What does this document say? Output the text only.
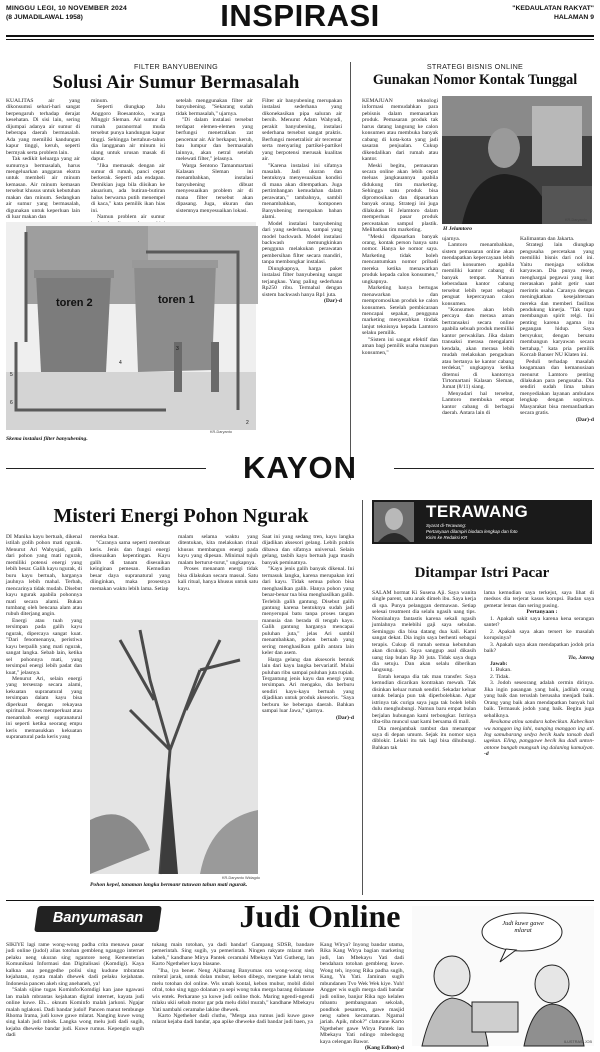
MINGGU LEGI, 10 NOVEMBER 2024
(8 JUMADILAWAL 1958)	INSPIRASI	"KEDAULATAN RAKYAT"
HALAMAN 9
FILTER BANYUBENING
Solusi Air Sumur Bermasalah

KUALITAS air yang dikonsumsi sehari-hari sangat berpengaruh terhadap derajat kesehatan. Di sisi lain, sering dijumpai adanya air sumur di beberapa daerah bermasalah. Ada yang memiliki kandungan kapur tinggi, keruh, seperti bermyak serta problem lain.

Tak sedikit keluarga yang air sumurnya bermasalah, harus mengeluarkan anggaran ekstra untuk membeli air minum kemasan. Air minum kemasan tersebut khusus untuk kebutuhan makan dan minum. Sedangkan air sumur yang bermasalah, digunakan untuk keperluan lain di luar makan dan

minum.

Seperti diungkap Jalu Anggoro Boesantoko, warga Minggir Sleman. Air sumur di rumah paranormal muda tersebut punya kandungan kapur tinggi. Sehingga bertahun-tahun dia langganan air minum isi ulang untuk urusan masak di dapur.

"Jika memasak dengan air sumur di rumah, panci cepat berkerak. Seperti ada endapan. Demikian juga bila diisikan ke akuarium, ada butiran-butiran halus berwarna putih menempel di kaca," kata pemilik ikan hias ini.

Namun problem air sumur

setelah menggunakan filter air banyubening. "Sekarang sudah tidak bermasalah," ujarnya.

"Di dalam instalasi tersebut terdapat elemen-elemen yang berfungsi menetralkan zat pencemar air. Air berkapur, keruh, bau lumpur dan bermasalah lainnya, akan netral setelah melewati filter," jelasnya.

Warga Sentono Tamanmartani Kalasan Sleman ini menambahkan, instalasi banyubening dibuat menyesuaikan problem air di mana filter tersebut akan dipasang. Juga, ukuran dan sistemnya menyesuaikan lokasi.

Filter air banyubening merupakan instalasi sederhana yang dikonekasikan pipa saluran air bersih. Menurut Adam Wahyudi, perakit banyubening, instalasi sederhana tersebut sangat praktis. Berfungsi menetralisir air tercemar serta menyaring partikel-partikel yang berpotensi merusak kualitas air.

"Karena instalasi ini sifatnya masalah. Jadi ukuran dan bentuknya menyesuaikan kondisi di mana akan ditempatkan. Juga pertimbangan kemudahan dalam perawatan," tambahnya, sambil menambahkan, komponen Banyubening merupakan bahan alami.

Model instalasi banyubening dari yang sederhana, sampai yang model backwash. Model instalasi backwash memungkinkan pengguna melakukan perawatan pembersihan filter secara mandiri, tanpa membongkar instalasi.

Diungkapnya, harga paket instalasi filter banyubening sangat terjangkau. Yang paling sederhana Rp250 ribu. Termahal dengan sistem backwash hanya Rp1 juta.

(Dar)-d

toren 2	toren 1
4
3
5
6
2
KR-Daryanto
Skema instalasi filter banyubening.
STRATEGI BISNIS ONLINE
Gunakan Nomor Kontak Tunggal

KEMAJUAN teknologi informasi memudahkan para pebisnis dalam memasarkan produk. Pemasaran produk tak harus datang langsung ke calon konsumen atau membuka banyak cabang di kota-kota yang jadi sasaran penjualan. Cukup dikendalikan dari rumah atau kantor.

Meski begitu, pemasaran secara online akan lebih cepat meluas jangkauannya apabila didukung tim marketing. Sehingga satu produk bisa dipromosikan dan dipasarkan banyak orang. Strategi ini juga dilakukan H Jelamtoro dalam memperluas pasar produk perceatakan sampul plastik. Melibatkan tim marketing.

"Meski dipasarkan banyak orang, kontak person hanya satu nomor. Hanya ke nomor saya. Marketing tidak boleh mencantumkan nomor pribadi mereka ketika menawarkan produk kepada calon konsumen," ungkapnya.

Marketing hanya bertugas menawarkan dan mempromosikan produk ke calon konsumen. Setelah pembicaraan mencapai sepakat, pengguna marketing menyerahkan tindak lanjut teknisnya kepada Lamtoro selaku pemilik.

"Sistem ini sangat efektif dan aman bagi pemilik usaha maupun konsumen,"

KR-Daryanto
H Jelamtoro

ujarnya.

Lamtoro menambahkan, sistem pemasaran online akan mendapatkan kepercayaan lebih dari konsumen apabila memiliki kantor cabang di banyak tempat. Namun keberadaan kantor cabang tersebut lebih tepat sebagai penguat kepercayaan calon konsumen.

"Konsumen akan lebih percaya dan merasa aman bertransaksi secara online apabila sebuah produk memiliki kantor perwakilan. Jika dalam transaksi merasa mengalami kendala, akan merasa lebih mudah melakukan pengaduan atau bertanya ke kantor cabang terdekat," ungkapnya ketika ditemui di kantornya Tirtomartani Kalasan Sleman, Jumat (8/11) siang.

Menyadari hal tersebut, Lamtoro membuka empat kantor cabang di berbagai daerah. Antara lain di

Kalimantan dan Jakarta.

Strategi lain diungkap pengusaha percetakan yang memiliki bisnis dari nol ini. Yaitu menjaga solidtas karyawan. Dia punya resep, menghargai pegawai yang ikut merasakan pahit getir saat merintis usaha. Caranya dengan meningkatkan kesejahteraan mereka dan memberi fasilitas pendukung kinerja. "Tak tupu membangun spirit relgi. Ini penting karena agama itu pegangan hidup. Saya bersyukur, dengan bersatu membangun karyawan secara bertahap," kata pria pemilik Korcab Banser NU Klaten ini.

Peduli terhadap masalah keagamaan dan kemanusiaan menurut Lamtoro penting dilakukan para pengusaha. Dia sendiri sudah lima tahun menyediakan layanan ambulans lengkap dengan sopirnya. Masyarakat bisa memanfaatkan secara gratis.

(Dar)-d

KAYON
Misteri Energi Pohon Ngurak

DI Manika kayu bertuah, dikenal istilah golih pohon mati ngurak. Menurut Ari Wahyujati, galih dari pohon yang mati ngurak, memiliki potensi energi yang lebih besar. Galih kayu ngurak, di buru kayu bertuah, harganya jauhnya lebih mahal. Terbah, mencarinya tidak mudah. Disebut kayu ngurak apabila pohonnya mati secara alami. Bukan tumbang oleh bencana alam atau rubuh diterjang angin.

Energi atau tuah yang tersimpan pada galih kayu ngurak, dipercaya sangat kuat. "Dari fenomenanya, peristiwa kayu berpalih yang mati ngurak, sangat langka. Sebab lain, ketika sel pohonnya mati, yang tersimpul energi lebih padat dan kuat," jelasnya.

Menurut Ari, selain energi yang tersesrap secara alami, kekuatan supranatural yang tersimpan dalam kayu bisa diperkuat dengan rekayasa spiritual. Proses memperkuat atau menambah energi supranatural ini seperti ketika seorang empu keris memasukkan kekuatan supranatural pada keris yang

mereka buat.

"Caranya sama seperti membuat keris. Jenis dan fungsi energi disesuaikan kepentingan. Kayu galih di tanam disesuikan keinginan pemesan. Kemudian besar daya supranatural yang diinginkan, maka prosesnya memakan waktu lebih lama. Setiap

malam selama waktu yang ditentukan, kita melakukan ritual khusus membangun energi pada kayu yang dipesan. Minimal tujuh malam berturut-turut," ungkapnya.

Proses menanam energi tidak bisa dilakukan secara massal. Satu kali ritual, hanya khusus untuk satu kayu.

Saat ini yang sedang tren, kayu langka dijadikan aksesori gelang. Lebih praktis dibawa dan sifatnya universal. Selain gelang, tasbih kayu bertuah juga masih banyak peminatnya.

"Kayu jenis galih banyak dikenal. Ini termasuk langka, karena merupakan inti dari kayu. Tidak semua pohon bisa menghasilkan galih. Hanya pohon yang benar-benar tua bisa menghasilkan galih. Terlebih galih gantung. Disebut galih gantung karena bentuknya sudah jadi menyerupai batu tanpa proses tangan manusia dan berada di tengah kayu. Galih gantung harganya mencapai puluhan juta," jelas Ari sambil menambahkan, pohon bertuah yang sering menghasilkan galih antara lain keler dan asem.

Harga gelang dan aksesoris bentuk lain dari kayu langka bervariatif. Mulai puluhan ribu sampai puluhan juta rupiah. Tergantung jenis kayu dan energi yang tersimpan. Ari mengaku, dia berburu sendiri kayu-kayu bertuah yang dijadikan untuk produk aksesoris. "Saya berburu ke beberapa daerah. Bahkan sampai luar Jawa," ujarnya.

(Dar)-d

KR-Daryanto Widagdo
Pohon kepel, tanaman langka bermanr tutuwan tahun mati ngurak.
TERAWANG
Syarat di-Terawang:
Pertanyaan dilampiri biodata lengkap dan foto
Kirim ke Redaksi KR
Ditampar Istri Pacar

SALAM hormat Ki Susena Aji. Saya wanita single parent, satu anak dimeh ibu. Saya kerja di spa. Punya pelanggan dermawan. Setiap selesai treatment dia selalu ngasih uang tips. Nominalnya fantastis karena sekali ngasih jumlahnya melebihi gaji saya sebulan. Seminggu dia bisa datang dua kali. Kami sangat dekat. Dia ingin saya berhenti sebagai terapis. Cukup di rumah semua kebutuhan akan dicukupi. Saya sanggup asal dikasih uang tiap bulan Rp 30 juta. Tidak saya duga dia setuju. Dan akan selalu diberikan langsung.

Entah kenapa dia tak mau transfer. Saya kemudian dicarikan kontrakan mewah. Tak disinkan keluar rumah sendiri. Sekadar keluar untuk belanja pun tak diperbolehkan. Agar istrinya tak curiga saya juga tak boleh lebih dulu menghubungi. Namun baru empat bulan berjalan hubungan kami terbongkar. Istrinya tiba-tiba muncul saat kami bersama di mall.

Dia menjambak rambut dan menampar saya di depan umum. Sejak itu nomor saya diblokir. Lelaki itu tak lagi bisa dihubungi. Bahkan tak

lama kemudian saya terkejut, saya lihat di medsos dia terjerat kasus korupsi. Badan saya gemetar lemas dan sering pusing.

Pertanyaan :

1. Apakah sakit saya karena kena serangan santet?

2. Apakah saya akan tersert ke masalah korupsinya?

3. Apakah saya akan mendapatkan jodoh pria baik?

Tio, Jateng

Jawab:

1. Bukan.

2. Tidak.

3. Jodoh seseorang adalah cermin dirinya. Jika ingin pasangan yang baik, jadilah orang yang baik dan teruslah berusaha menjadi baik. Orang yang baik akan mendapatkan banyak hal baik. Termasuk jodoh yang baik. Begitu juga sebaliknya.

Resikana atinu sandura kabecikan. Kabecikan wu nanggon ing lahi, nanging manggon ing ati. Ing samubarang sedya becik kudu tansah dadi ugekan. Eling, panggawe becik iku dadi unton-antone bungah mungsah ing dalaning kamulyan. -d

Banyumasan	Judi Online

SIKIYE lagi rame wong-wong padha crita menawa pasar judi online (judol) alias totohan gembleng nganggo internet pelaku neng ukuran sing ngantore neng Kementerian Komunikasi Informasi dan Digitalisasi (Komdigi). Kaya kalkna ana penggedhe polisi sing kudune mbrantas kejahatan, nyata malah dhewek dadi pelaku kejahatan. Indonesia pancen akeh sing anehaneh, ya!

"Salah sijine tugas Kominfo/Komdigi kan jane ngawasi lan malah mbrantas kejahatan digital internet, kayata judi online kuwe. Eh... oknum Kominfo malah jarkoni. Ngajar malah nglakoni. Dadi bandar judol! Pancen manut tembunge Rhoma Irama, judi kuwe gawe mlarat. Nanging kuwe wong sing kalah judi mbok. Langka wong melu judi dadi sugih, kejaba dheweke bandar judi. Kuwe rumus. Kepengin sugih dadi

tukang main totohan, ya dadi bandar! Gampang SDSB, bandare pemerintah. Sing sugih, ya pemerintah. Ningen rakyate mlarat meh kabeh," kandhane Mirya Pantek ceramahi Mbekayu Yati Gutheng, lan Karto Ngetheher kaya biasane.

"Iha, iya bener. Neng Ajibarang Banyumas ora wong-wong sing miteral jarak, untuk dolan mubur, kebon dibego, mergane kalah terus melu totohan dol online. Wis umah kontal, kebon mubur, mobil didol ofral, toko sing nggo dolanan ya sepi wong tuku merga barang dolanane wis entek. Perkarane ya kuwe judi online thok. Maring ngendi-ngendi mlaku ukii sebab motor gar pda melu didol murah," kandhane Mbekayu Yati nambahi ceramahe lakine dhewek.

Karto Ngetheher dadi cluthu, "Merga ana rumus judi kuwe gawe mlarat kejaba dadi bandar, apa apike dheweke dadi bandar judi baen, ya

Kang Wirya? Inyong bandar utama, Rika Kang Wirya bagian marketing judi, lan Mbekayu Yati dadi bendahara totohan gembleng kuwe. Wong teh, inyong Rika padha sugih, Kang, Yu Yati. Jaminan sugih mbundanen Tvo Wek Wek kiye. Yuh! Angger wis sugih merga dadi bandar judi online, banjur Rika ngo kelalen mbantu pembangunan sekolah, pondhok pesantren, gawe masjid neng saben kecamatan. Ngamal jariah. Apik, mbok?" claturane Karto Ngetheher gawe Wirya Pantek lan Mbekayu Yati ndingo mbedogog kaya celengan Bawor.

(Kang Edhon)-d

Judi kuwe gawe mlarat
ILUSTRASI JOB
